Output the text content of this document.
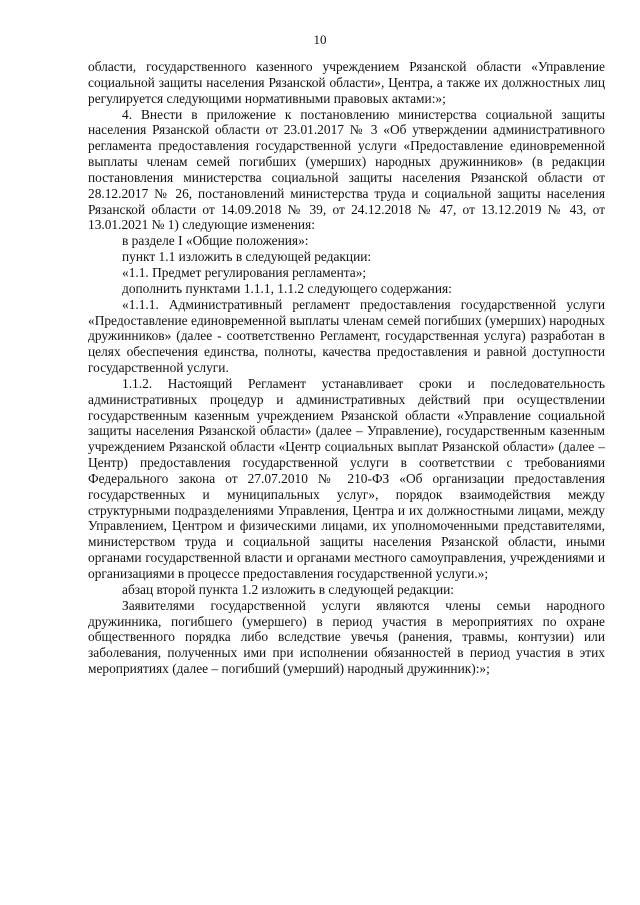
10

области, государственного казенного учреждением Рязанской области «Управление социальной защиты населения Рязанской области», Центра, а также их должностных лиц регулируется следующими нормативными правовых актами:»;

4. Внести в приложение к постановлению министерства социальной защиты населения Рязанской области от 23.01.2017 № 3 «Об утверждении административного регламента предоставления государственной услуги «Предоставление единовременной выплаты членам семей погибших (умерших) народных дружинников» (в редакции постановления министерства социальной защиты населения Рязанской области от 28.12.2017 № 26, постановлений министерства труда и социальной защиты населения Рязанской области от 14.09.2018 № 39, от 24.12.2018 № 47, от 13.12.2019 № 43, от 13.01.2021 № 1) следующие изменения:

в разделе I «Общие положения»:

пункт 1.1 изложить в следующей редакции:

«1.1. Предмет регулирования регламента»;

дополнить пунктами 1.1.1, 1.1.2 следующего содержания:

«1.1.1. Административный регламент предоставления государственной услуги «Предоставление единовременной выплаты членам семей погибших (умерших) народных дружинников» (далее - соответственно Регламент, государственная услуга) разработан в целях обеспечения единства, полноты, качества предоставления и равной доступности государственной услуги.

1.1.2. Настоящий Регламент устанавливает сроки и последовательность административных процедур и административных действий при осуществлении государственным казенным учреждением Рязанской области «Управление социальной защиты населения Рязанской области» (далее – Управление), государственным казенным учреждением Рязанской области «Центр социальных выплат Рязанской области» (далее – Центр) предоставления государственной услуги в соответствии с требованиями Федерального закона от 27.07.2010 № 210-ФЗ «Об организации предоставления государственных и муниципальных услуг», порядок взаимодействия между структурными подразделениями Управления, Центра и их должностными лицами, между Управлением, Центром и физическими лицами, их уполномоченными представителями, министерством труда и социальной защиты населения Рязанской области, иными органами государственной власти и органами местного самоуправления, учреждениями и организациями в процессе предоставления государственной услуги.»;

абзац второй пункта 1.2 изложить в следующей редакции:

Заявителями государственной услуги являются члены семьи народного дружинника, погибшего (умершего) в период участия в мероприятиях по охране общественного порядка либо вследствие увечья (ранения, травмы, контузии) или заболевания, полученных ими при исполнении обязанностей в период участия в этих мероприятиях (далее – погибший (умерший) народный дружинник):»;
